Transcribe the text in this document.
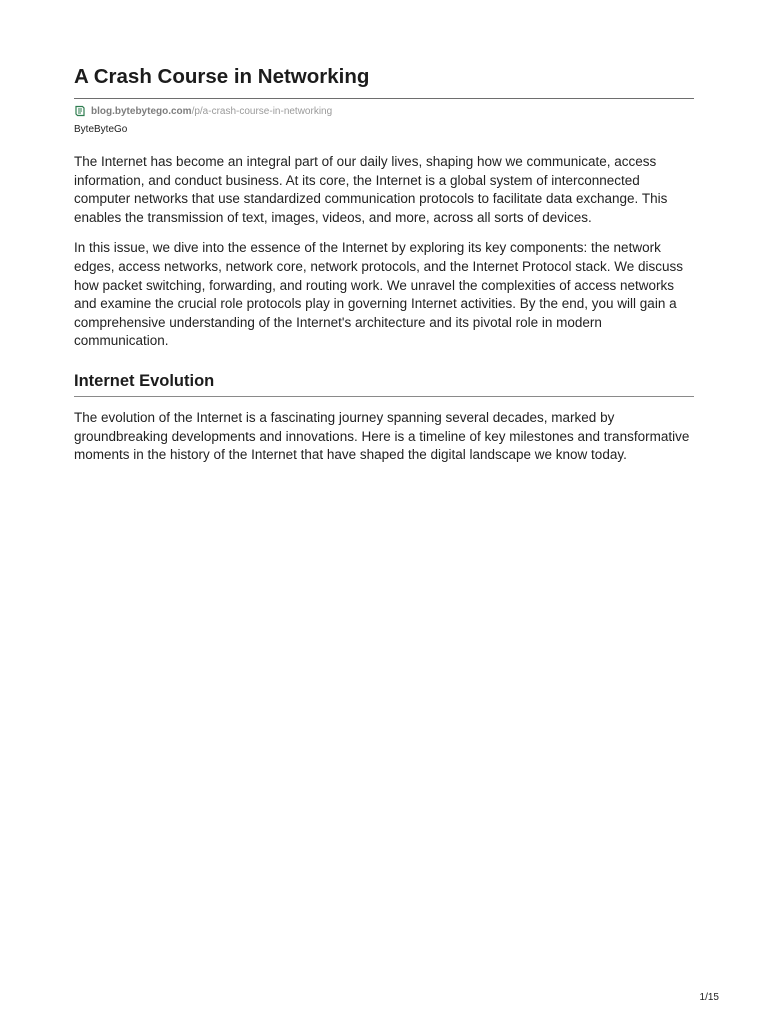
A Crash Course in Networking
blog.bytebytego.com /p/a-crash-course-in-networking
ByteByteGo

The Internet has become an integral part of our daily lives, shaping how we communicate, access information, and conduct business. At its core, the Internet is a global system of interconnected computer networks that use standardized communication protocols to facilitate data exchange. This enables the transmission of text, images, videos, and more, across all sorts of devices.

In this issue, we dive into the essence of the Internet by exploring its key components: the network edges, access networks, network core, network protocols, and the Internet Protocol stack. We discuss how packet switching, forwarding, and routing work. We unravel the complexities of access networks and examine the crucial role protocols play in governing Internet activities. By the end, you will gain a comprehensive understanding of the Internet's architecture and its pivotal role in modern communication.

Internet Evolution

The evolution of the Internet is a fascinating journey spanning several decades, marked by groundbreaking developments and innovations. Here is a timeline of key milestones and transformative moments in the history of the Internet that have shaped the digital landscape we know today.

1/15
